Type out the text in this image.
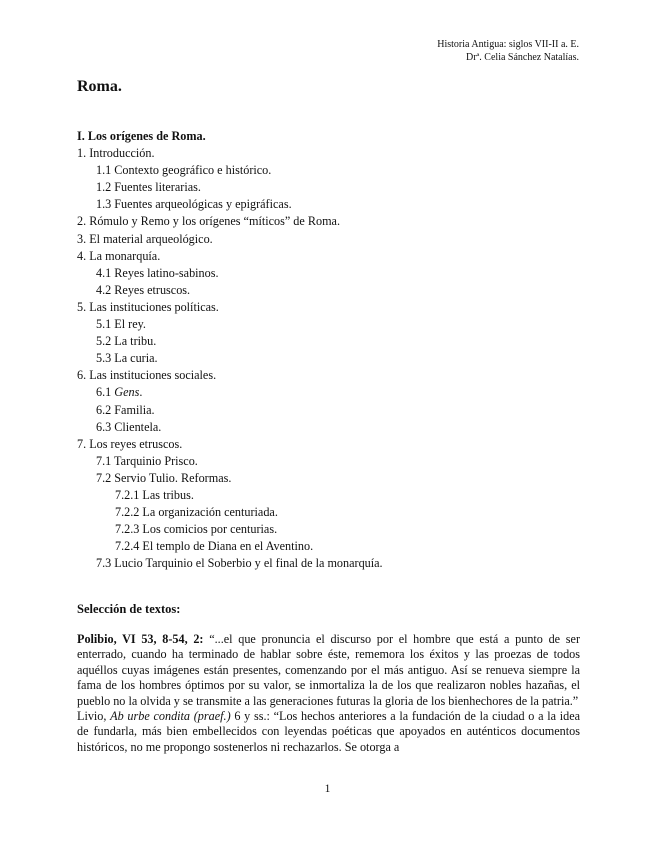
Historia Antigua: siglos VII-II a. E.
Drª. Celia Sánchez Natalías.
Roma.
I. Los orígenes de Roma.
1. Introducción.
1.1 Contexto geográfico e histórico.
1.2 Fuentes literarias.
1.3 Fuentes arqueológicas y epigráficas.
2. Rómulo y Remo y los orígenes “míticos” de Roma.
3. El material arqueológico.
4. La monarquía.
4.1 Reyes latino-sabinos.
4.2 Reyes etruscos.
5. Las instituciones políticas.
5.1 El rey.
5.2 La tribu.
5.3 La curia.
6. Las instituciones sociales.
6.1 Gens.
6.2 Familia.
6.3 Clientela.
7. Los reyes etruscos.
7.1 Tarquinio Prisco.
7.2 Servio Tulio. Reformas.
7.2.1 Las tribus.
7.2.2 La organización centuriada.
7.2.3 Los comicios por centurias.
7.2.4 El templo de Diana en el Aventino.
7.3 Lucio Tarquinio el Soberbio y el final de la monarquía.
Selección de textos:

Polibio, VI 53, 8-54, 2: “...el que pronuncia el discurso por el hombre que está a punto de ser enterrado, cuando ha terminado de hablar sobre éste, rememora los éxitos y las proezas de todos aquéllos cuyas imágenes están presentes, comenzando por el más antiguo. Así se renueva siempre la fama de los hombres óptimos por su valor, se inmortaliza la de los que realizaron nobles hazañas, el pueblo no la olvida y se transmite a las generaciones futuras la gloria de los bienhechores de la patria.”

Livio, Ab urbe condita (praef.) 6 y ss.: “Los hechos anteriores a la fundación de la ciudad o a la idea de fundarla, más bien embellecidos con leyendas poéticas que apoyados en auténticos documentos históricos, no me propongo sostenerlos ni rechazarlos. Se otorga a

1
